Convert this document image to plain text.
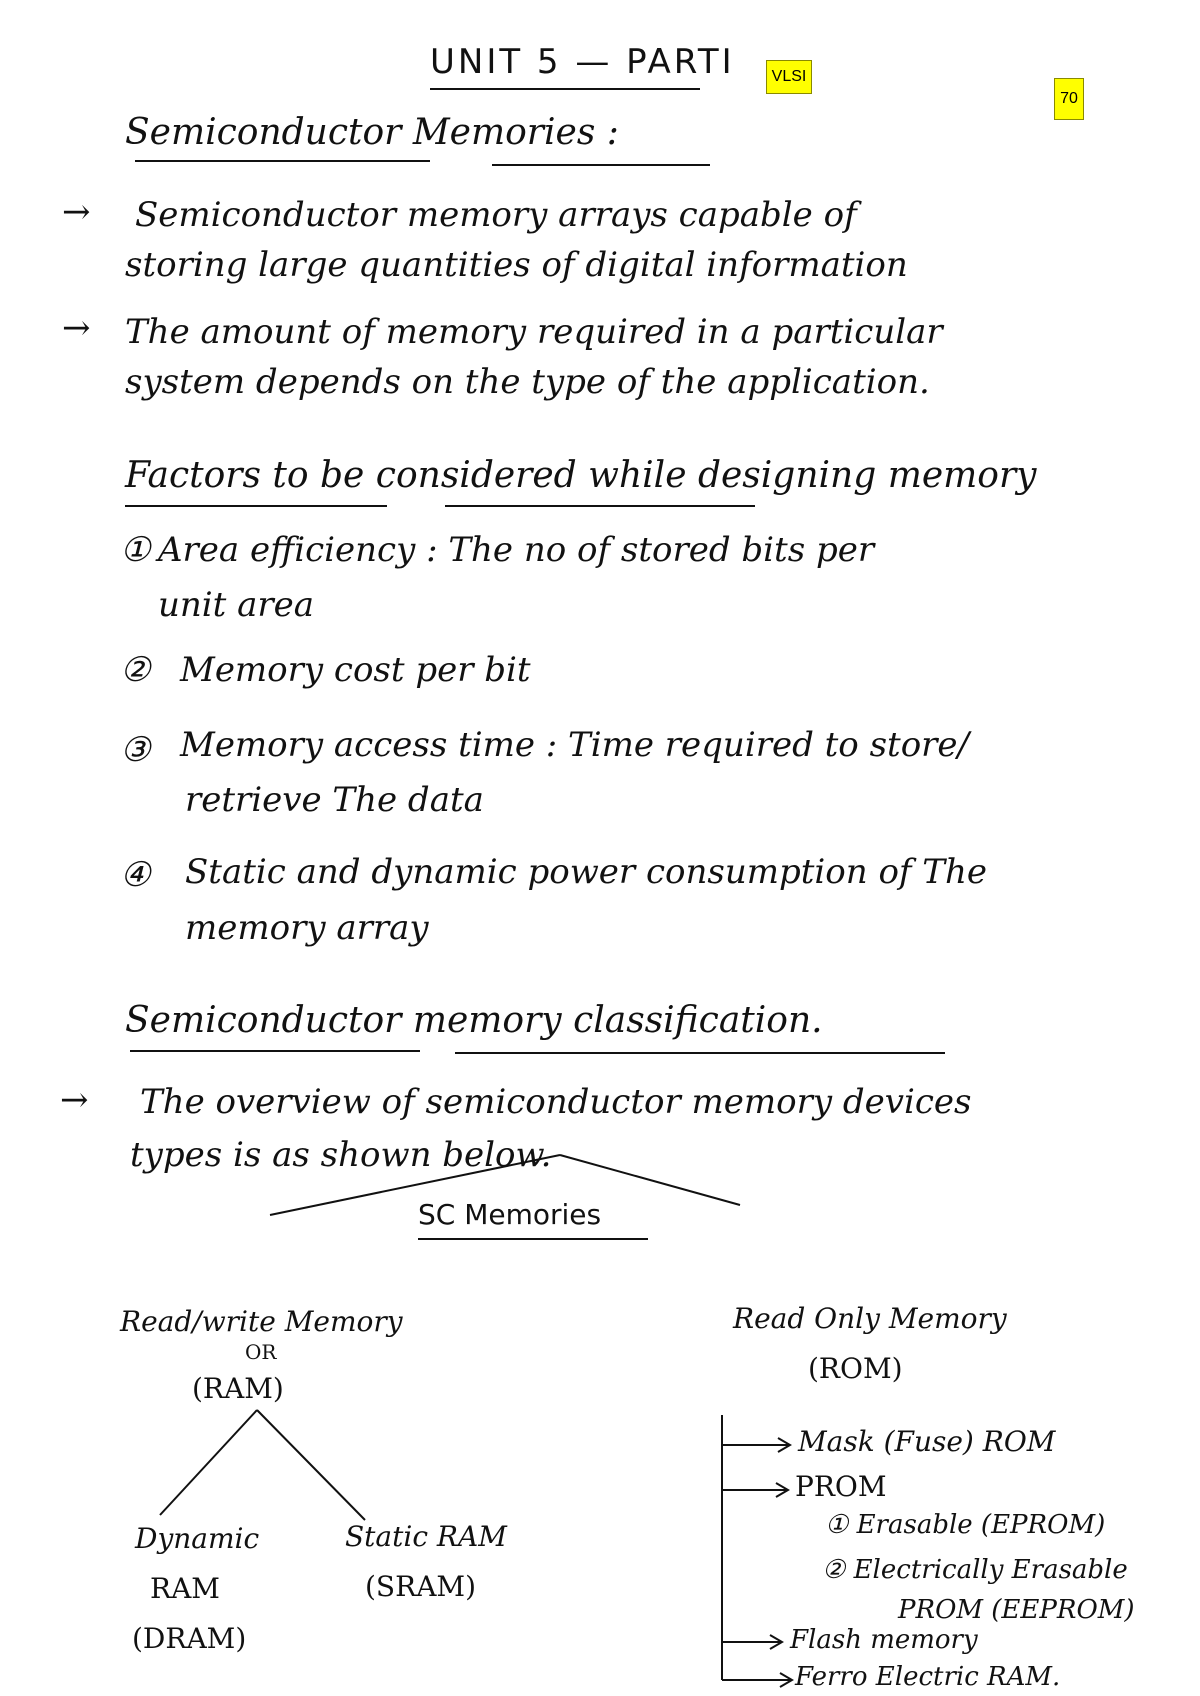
UNIT 5 — PARTI	VLSI
70
Semiconductor Memories :
→ Semiconductor memory arrays capable of
storing large quantities of digital information
→ The amount of memory required in a particular
system depends on the type of the application.
Factors to be considered while designing memory
① Area efficiency : The no of stored bits per
unit area
② Memory cost per bit
③ Memory access time : Time required to store/
retrieve The data
④ Static and dynamic power consumption of The
memory array
Semiconductor memory classification.
→ The overview of semiconductor memory devices
types is as shown below.
SC Memories
Read/write Memory
OR
(RAM)
Dynamic
RAM
(DRAM)
Static RAM
(SRAM)
Read Only Memory
(ROM)
Mask (Fuse) ROM
PROM
① Erasable (EPROM)
② Electrically Erasable
PROM (EEPROM)
Flash memory
Ferro Electric RAM.
